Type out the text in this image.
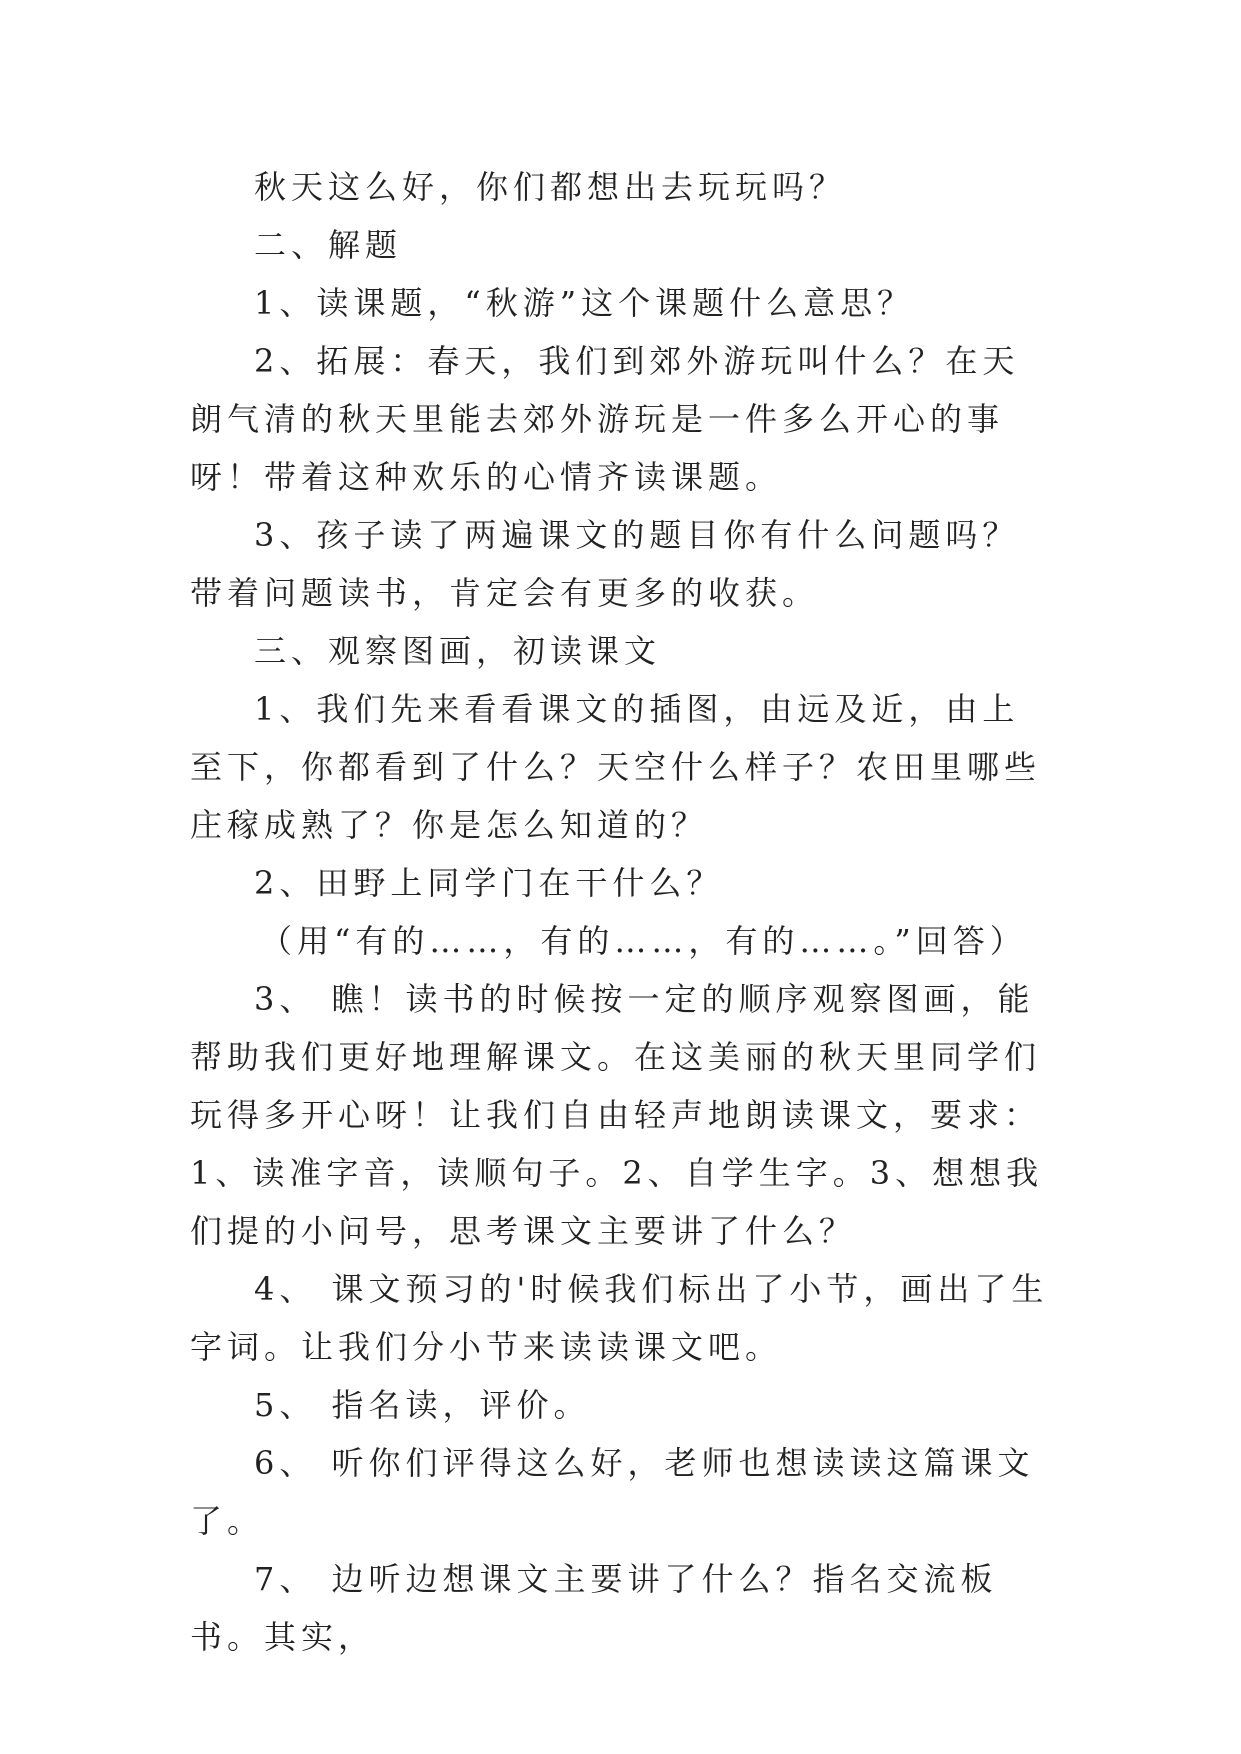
秋天这么好，你们都想出去玩玩吗？

二、解题

1、读课题，“秋游”这个课题什么意思？

2、拓展：春天，我们到郊外游玩叫什么？在天朗气清的秋天里能去郊外游玩是一件多么开心的事呀！带着这种欢乐的心情齐读课题。

3、孩子读了两遍课文的题目你有什么问题吗？带着问题读书，肯定会有更多的收获。

三、观察图画，初读课文

1、我们先来看看课文的插图，由远及近，由上至下，你都看到了什么？天空什么样子？农田里哪些庄稼成熟了？你是怎么知道的？

2、田野上同学门在干什么？

（用“有的……，有的……，有的……。”回答）

3、 瞧！读书的时候按一定的顺序观察图画，能帮助我们更好地理解课文。在这美丽的秋天里同学们玩得多开心呀！让我们自由轻声地朗读课文，要求：1、读准字音，读顺句子。2、自学生字。3、想想我们提的小问号，思考课文主要讲了什么？

4、 课文预习的'时候我们标出了小节，画出了生字词。让我们分小节来读读课文吧。

5、 指名读，评价。

6、 听你们评得这么好，老师也想读读这篇课文了。

7、 边听边想课文主要讲了什么？指名交流板书。其实，
